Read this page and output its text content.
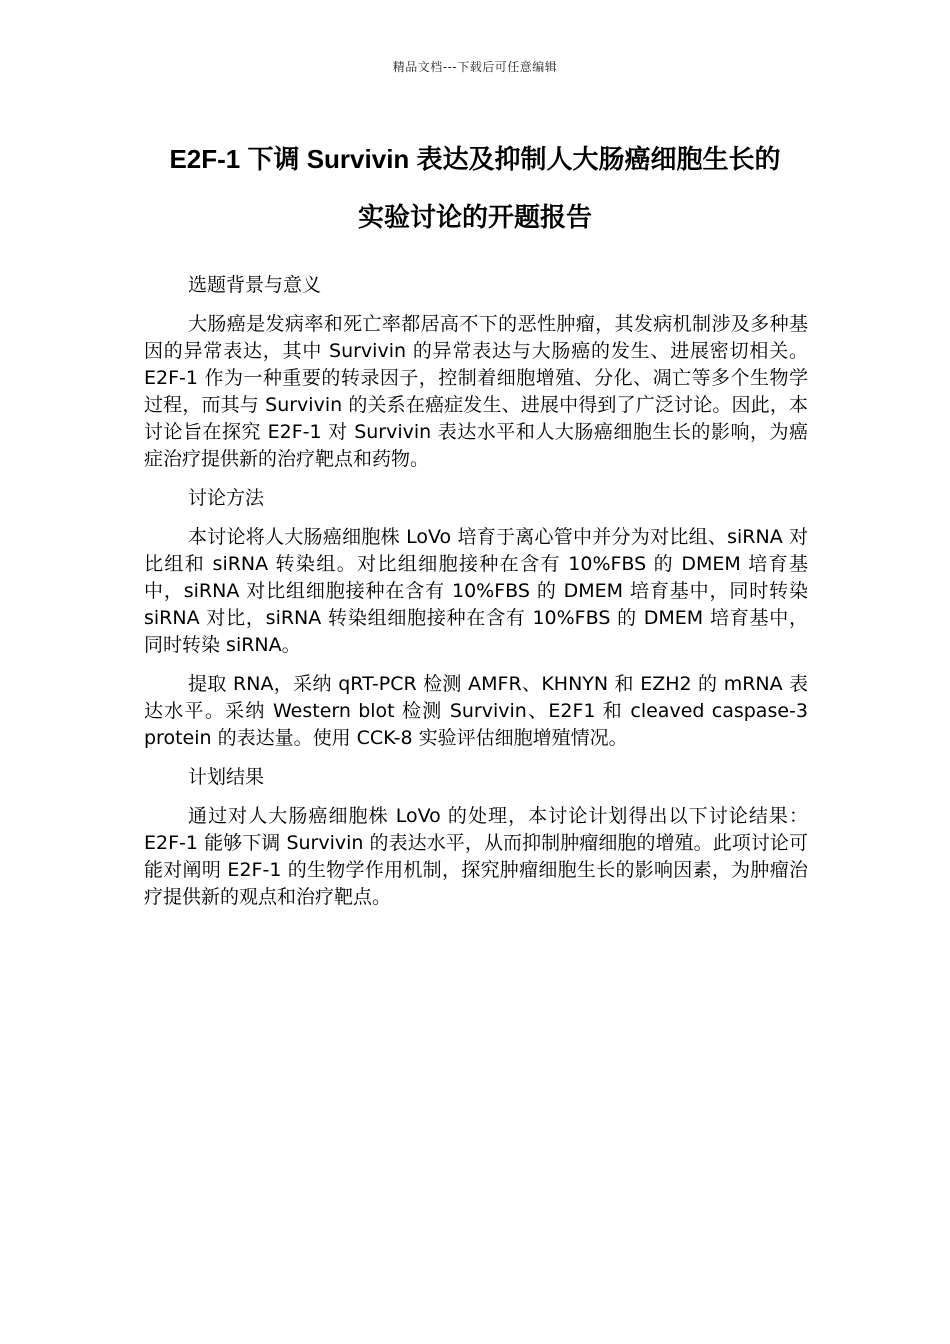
精品文档---下载后可任意编辑
E2F-1 下调 Survivin 表达及抑制人大肠癌细胞生长的
实验讨论的开题报告

选题背景与意义

大肠癌是发病率和死亡率都居高不下的恶性肿瘤，其发病机制涉及多种基因的异常表达，其中 Survivin 的异常表达与大肠癌的发生、进展密切相关。E2F-1 作为一种重要的转录因子，控制着细胞增殖、分化、凋亡等多个生物学过程，而其与 Survivin 的关系在癌症发生、进展中得到了广泛讨论。因此，本讨论旨在探究 E2F-1 对 Survivin 表达水平和人大肠癌细胞生长的影响，为癌症治疗提供新的治疗靶点和药物。

讨论方法

本讨论将人大肠癌细胞株 LoVo 培育于离心管中并分为对比组、siRNA 对比组和 siRNA 转染组。对比组细胞接种在含有 10%FBS 的 DMEM 培育基中，siRNA 对比组细胞接种在含有 10%FBS 的 DMEM 培育基中，同时转染 siRNA 对比，siRNA 转染组细胞接种在含有 10%FBS 的 DMEM 培育基中，同时转染 siRNA。

提取 RNA，采纳 qRT-PCR 检测 AMFR、KHNYN 和 EZH2 的 mRNA 表达水平。采纳 Western blot 检测 Survivin、E2F1 和 cleaved caspase-3 protein 的表达量。使用 CCK-8 实验评估细胞增殖情况。

计划结果

通过对人大肠癌细胞株 LoVo 的处理，本讨论计划得出以下讨论结果：E2F-1 能够下调 Survivin 的表达水平，从而抑制肿瘤细胞的增殖。此项讨论可能对阐明 E2F-1 的生物学作用机制，探究肿瘤细胞生长的影响因素，为肿瘤治疗提供新的观点和治疗靶点。
